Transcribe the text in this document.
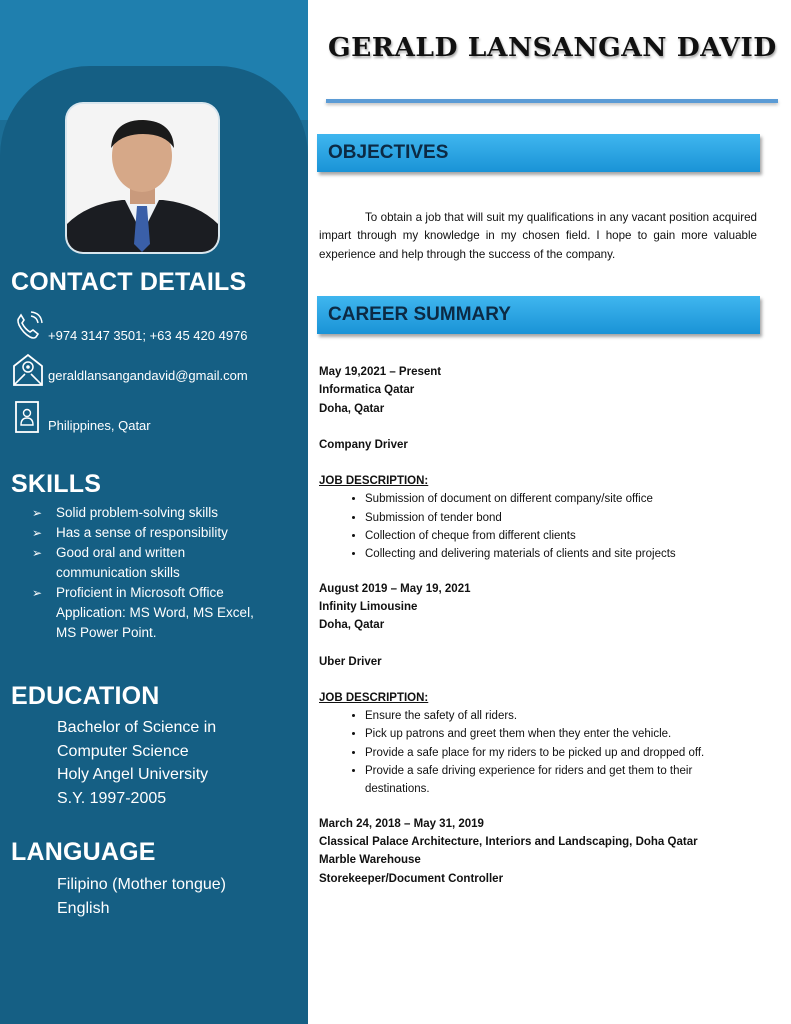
CONTACT DETAILS
+974 3147 3501; +63 45 420 4976
geraldlansangandavid@gmail.com
Philippines, Qatar
SKILLS
➢ Solid problem-solving skills
➢ Has a sense of responsibility
➢ Good oral and written
communication skills
➢ Proficient in Microsoft Office
Application: MS Word, MS Excel,
MS Power Point.
EDUCATION
Bachelor of Science in
Computer Science
Holy Angel University
S.Y. 1997-2005
LANGUAGE
Filipino (Mother tongue)
English
GERALD LANSANGAN DAVID
OBJECTIVES
To obtain a job that will suit my qualifications in any vacant position acquired impart through my knowledge in my chosen field. I hope to gain more valuable experience and help through the success of the company.
CAREER SUMMARY
May 19,2021 – Present
Informatica Qatar
Doha, Qatar
Company Driver
JOB DESCRIPTION:
• Submission of document on different company/site office
• Submission of tender bond
• Collection of cheque from different clients
• Collecting and delivering materials of clients and site projects
August 2019 – May 19, 2021
Infinity Limousine
Doha, Qatar
Uber Driver
JOB DESCRIPTION:
• Ensure the safety of all riders.
• Pick up patrons and greet them when they enter the vehicle.
• Provide a safe place for my riders to be picked up and dropped off.
• Provide a safe driving experience for riders and get them to their destinations.
March 24, 2018 – May 31, 2019
Classical Palace Architecture, Interiors and Landscaping, Doha Qatar
Marble Warehouse
Storekeeper/Document Controller
